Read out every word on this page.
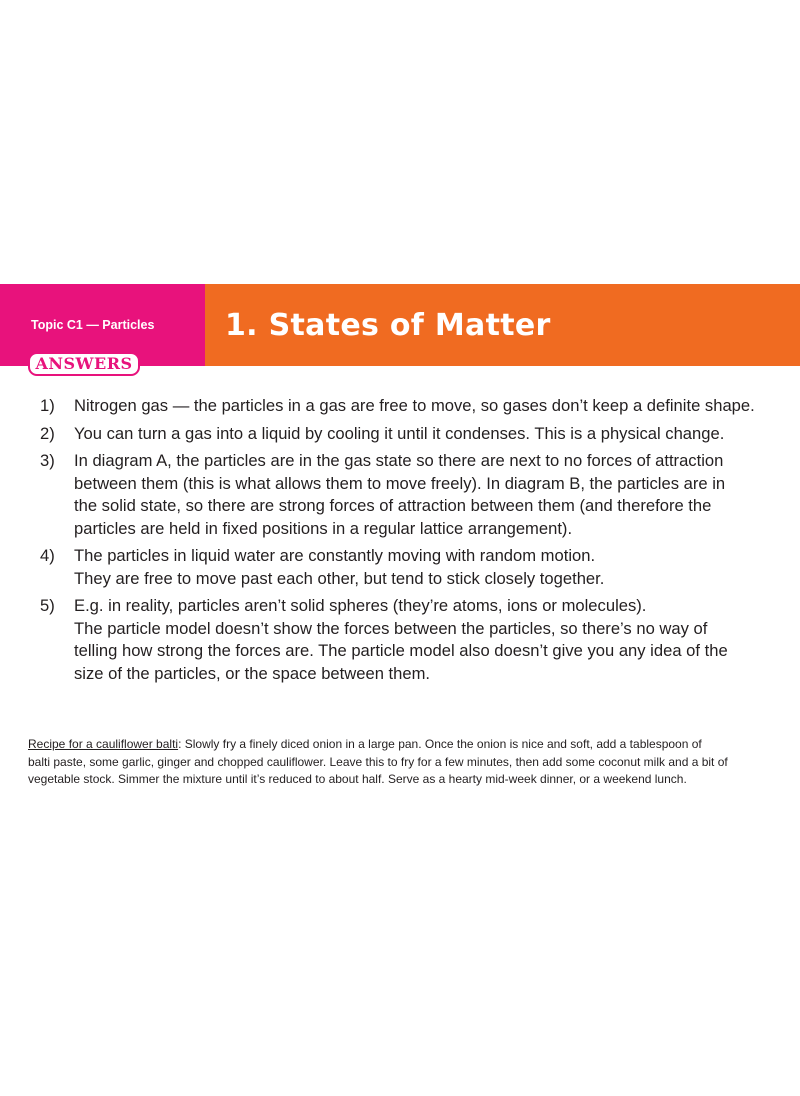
Topic C1 — Particles 1. States of Matter
ANSWERS
1)	Nitrogen gas — the particles in a gas are free to move, so gases don’t keep a definite shape.
2)	You can turn a gas into a liquid by cooling it until it condenses. This is a physical change.
3)	In diagram A, the particles are in the gas state so there are next to no forces of attraction
between them (this is what allows them to move freely). In diagram B, the particles are in
the solid state, so there are strong forces of attraction between them (and therefore the
particles are held in fixed positions in a regular lattice arrangement).
4)	The particles in liquid water are constantly moving with random motion.
They are free to move past each other, but tend to stick closely together.
5)	E.g. in reality, particles aren’t solid spheres (they’re atoms, ions or molecules).
The particle model doesn’t show the forces between the particles, so there’s no way of
telling how strong the forces are. The particle model also doesn’t give you any idea of the
size of the particles, or the space between them.
Recipe for a cauliflower balti: Slowly fry a finely diced onion in a large pan. Once the onion is nice and soft, add a tablespoon of
balti paste, some garlic, ginger and chopped cauliflower. Leave this to fry for a few minutes, then add some coconut milk and a bit of
vegetable stock. Simmer the mixture until it’s reduced to about half. Serve as a hearty mid-week dinner, or a weekend lunch.
